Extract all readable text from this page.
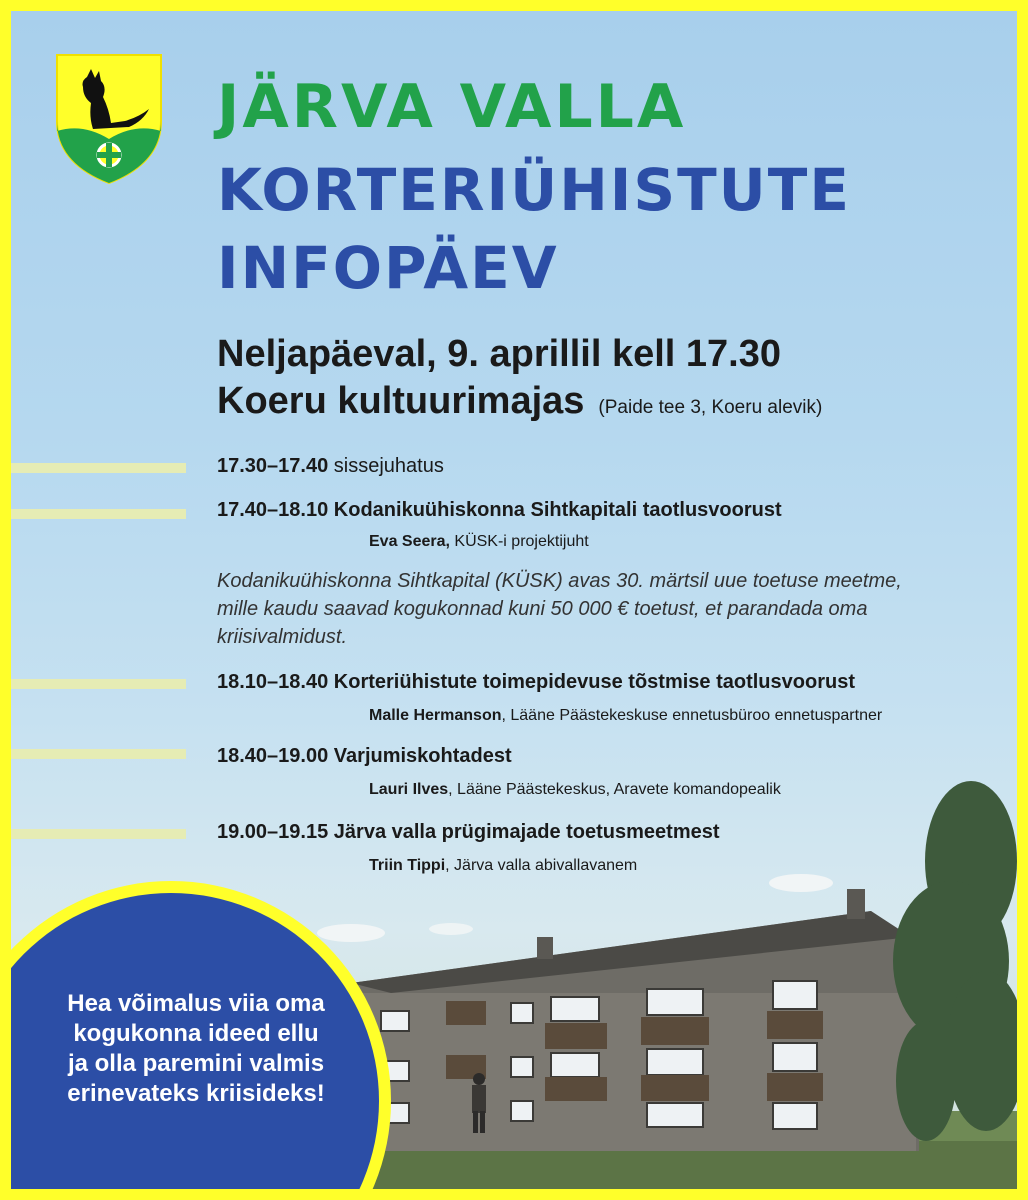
JÄRVA VALLA
KORTERIÜHISTUTE
INFOPÄEV
Neljapäeval, 9. aprillil kell 17.30
Koeru kultuurimajas (Paide tee 3, Koeru alevik)
17.30–17.40 sissejuhatus
17.40–18.10 Kodanikuühiskonna Sihtkapitali taotlusvoorust
Eva Seera, KÜSK-i projektijuht
Kodanikuühiskonna Sihtkapital (KÜSK) avas 30. märtsil uue toetuse meetme, mille kaudu saavad kogukonnad kuni 50 000 € toetust, et parandada oma kriisivalmidust.
18.10–18.40 Korteriühistute toimepidevuse tõstmise taotlusvoorust
Malle Hermanson, Lääne Päästekeskuse ennetusbüroo ennetuspartner
18.40–19.00 Varjumiskohtadest
Lauri Ilves, Lääne Päästekeskus, Aravete komandopealik
19.00–19.15 Järva valla prügimajade toetusmeetmest
Triin Tippi, Järva valla abivallavanem
Hea võimalus viia oma kogukonna ideed ellu ja olla paremini valmis erinevateks kriisideks!
